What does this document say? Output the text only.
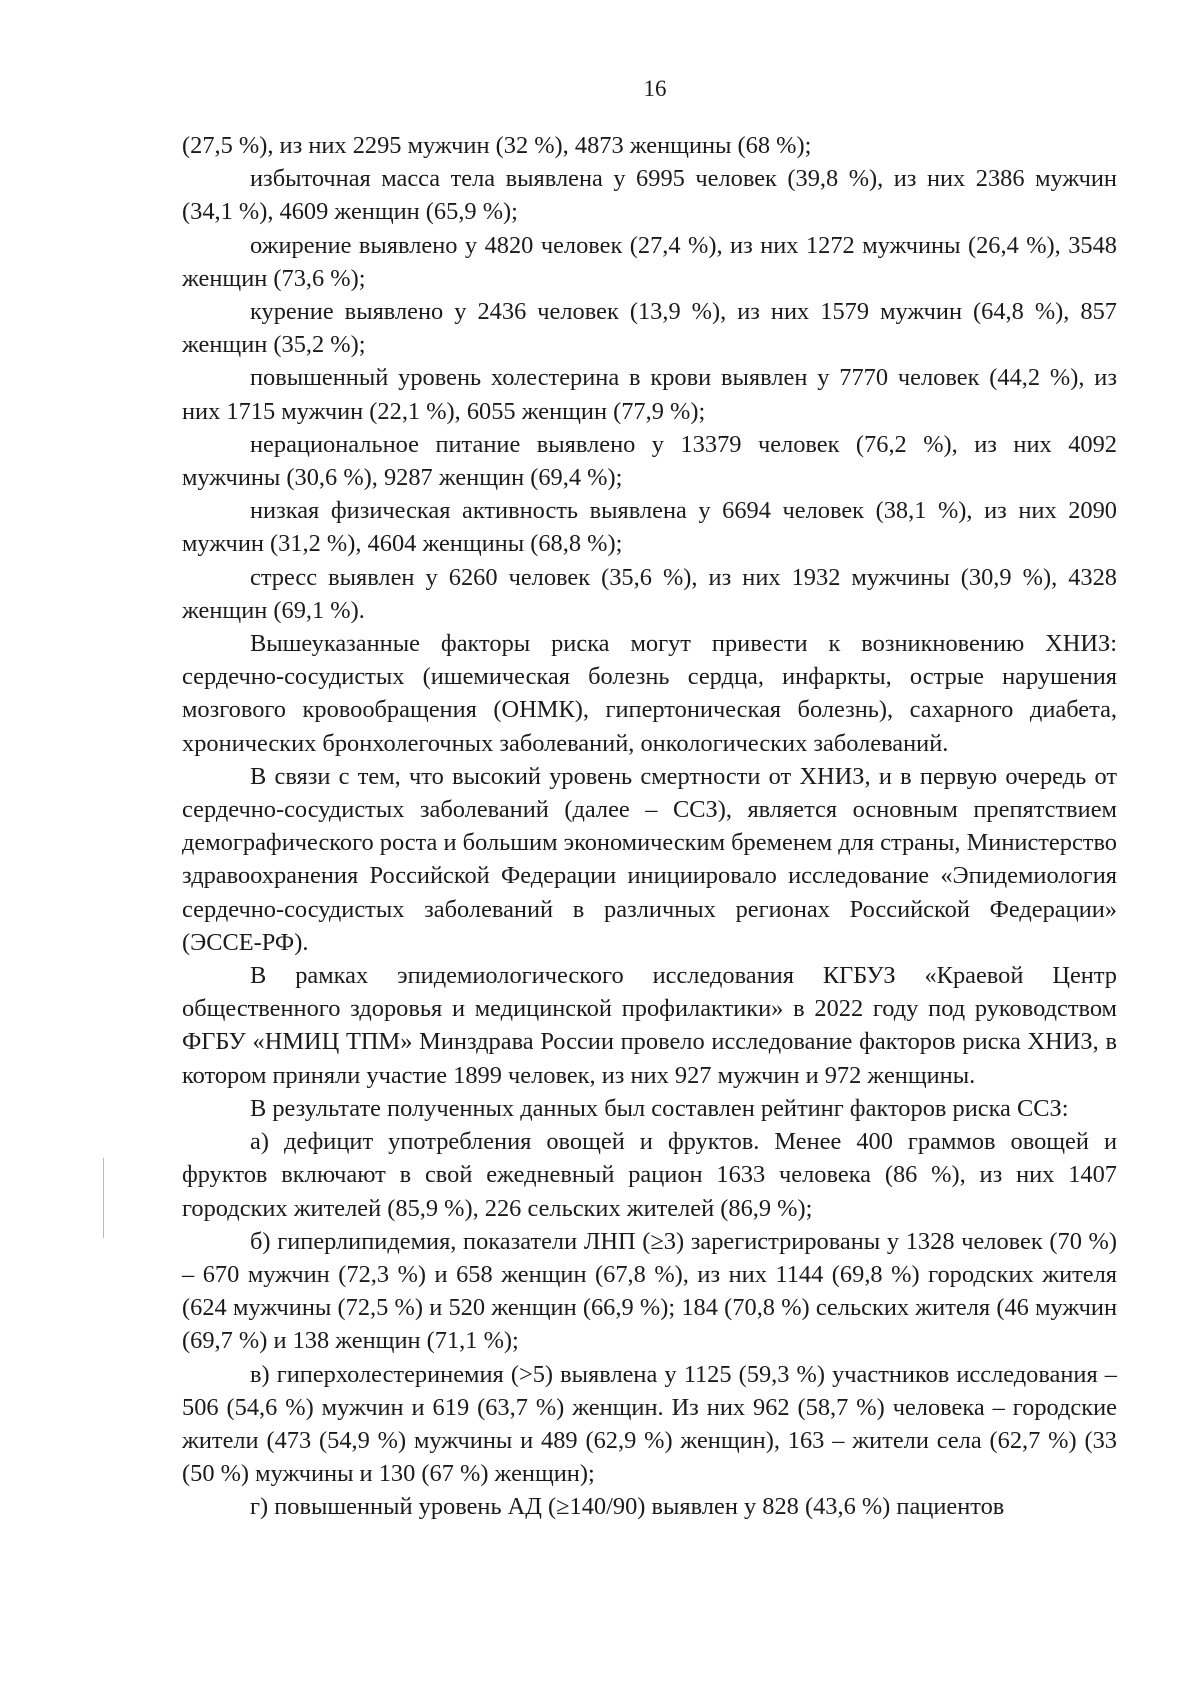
16

(27,5 %), из них 2295 мужчин (32 %), 4873 женщины (68 %);

избыточная масса тела выявлена у 6995 человек (39,8 %), из них 2386 мужчин (34,1 %), 4609 женщин (65,9 %);

ожирение выявлено у 4820 человек (27,4 %), из них 1272 мужчины (26,4 %), 3548 женщин (73,6 %);

курение выявлено у 2436 человек (13,9 %), из них 1579 мужчин (64,8 %), 857 женщин (35,2 %);

повышенный уровень холестерина в крови выявлен у 7770 человек (44,2 %), из них 1715 мужчин (22,1 %), 6055 женщин (77,9 %);

нерациональное питание выявлено у 13379 человек (76,2 %), из них 4092 мужчины (30,6 %), 9287 женщин (69,4 %);

низкая физическая активность выявлена у 6694 человек (38,1 %), из них 2090 мужчин (31,2 %), 4604 женщины (68,8 %);

стресс выявлен у 6260 человек (35,6 %), из них 1932 мужчины (30,9 %), 4328 женщин (69,1 %).

Вышеуказанные факторы риска могут привести к возникновению ХНИЗ: сердечно-сосудистых (ишемическая болезнь сердца, инфаркты, острые нарушения мозгового кровообращения (ОНМК), гипертоническая болезнь), сахарного диабета, хронических бронхолегочных заболеваний, онкологических заболеваний.

В связи с тем, что высокий уровень смертности от ХНИЗ, и в первую очередь от сердечно-сосудистых заболеваний (далее – ССЗ), является основным препятствием демографического роста и большим экономическим бременем для страны, Министерство здравоохранения Российской Федерации инициировало исследование «Эпидемиология сердечно-сосудистых заболеваний в различных регионах Российской Федерации» (ЭССЕ-РФ).

В рамках эпидемиологического исследования КГБУЗ «Краевой Центр общественного здоровья и медицинской профилактики» в 2022 году под руководством ФГБУ «НМИЦ ТПМ» Минздрава России провело исследование факторов риска ХНИЗ, в котором приняли участие 1899 человек, из них 927 мужчин и 972 женщины.

В результате полученных данных был составлен рейтинг факторов риска ССЗ:

а) дефицит употребления овощей и фруктов. Менее 400 граммов овощей и фруктов включают в свой ежедневный рацион 1633 человека (86 %), из них 1407 городских жителей (85,9 %), 226 сельских жителей (86,9 %);

б) гиперлипидемия, показатели ЛНП (≥3) зарегистрированы у 1328 человек (70 %) – 670 мужчин (72,3 %) и 658 женщин (67,8 %), из них 1144 (69,8 %) городских жителя (624 мужчины (72,5 %) и 520 женщин (66,9 %); 184 (70,8 %) сельских жителя (46 мужчин (69,7 %) и 138 женщин (71,1 %);

в) гиперхолестеринемия (>5) выявлена у 1125 (59,3 %) участников исследования – 506 (54,6 %) мужчин и 619 (63,7 %) женщин. Из них 962 (58,7 %) человека – городские жители (473 (54,9 %) мужчины и 489 (62,9 %) женщин), 163 – жители села (62,7 %) (33 (50 %) мужчины и 130 (67 %) женщин);

г) повышенный уровень АД (≥140/90) выявлен у 828 (43,6 %) пациентов
